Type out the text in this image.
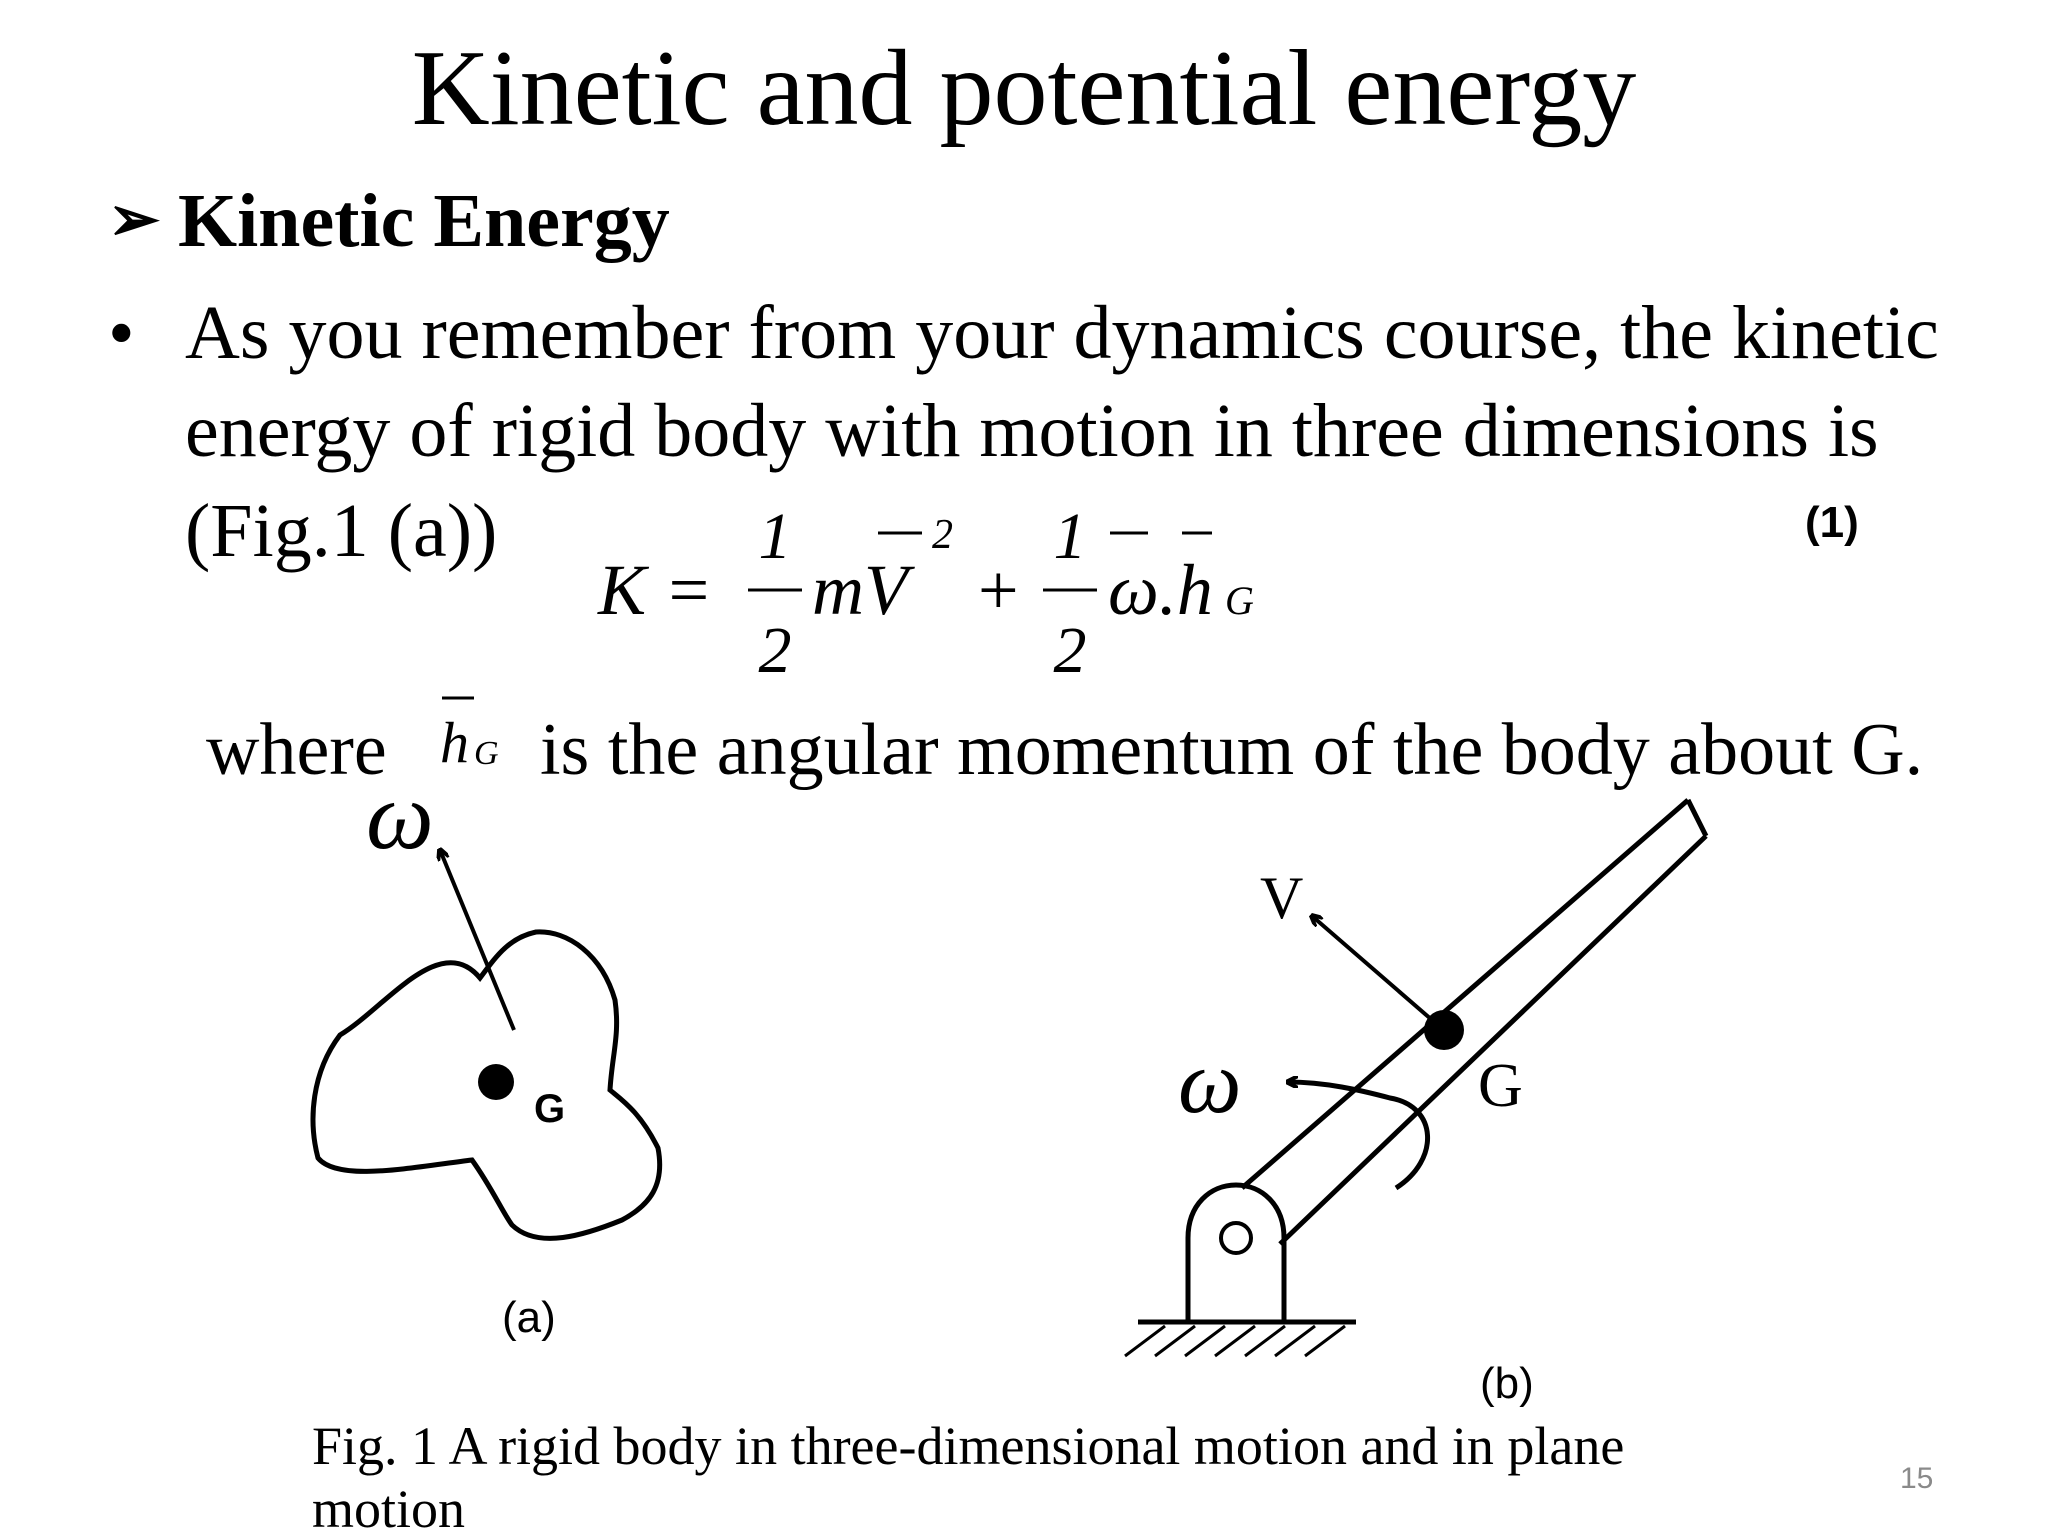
Kinetic and potential energy
➢ Kinetic Energy
• As you remember from your dynamics course, the kinetic
energy of rigid body with motion in three dimensions is
(Fig.1 (a))	(1)
where is the angular momentum of the body about G.
Fig. 1 A rigid body in three-dimensional motion and in plane
motion
15
K =
1
2
mV
2
+
1
2
ω.h G
h G
ω
G
(a)
V
G
ω
(b)
